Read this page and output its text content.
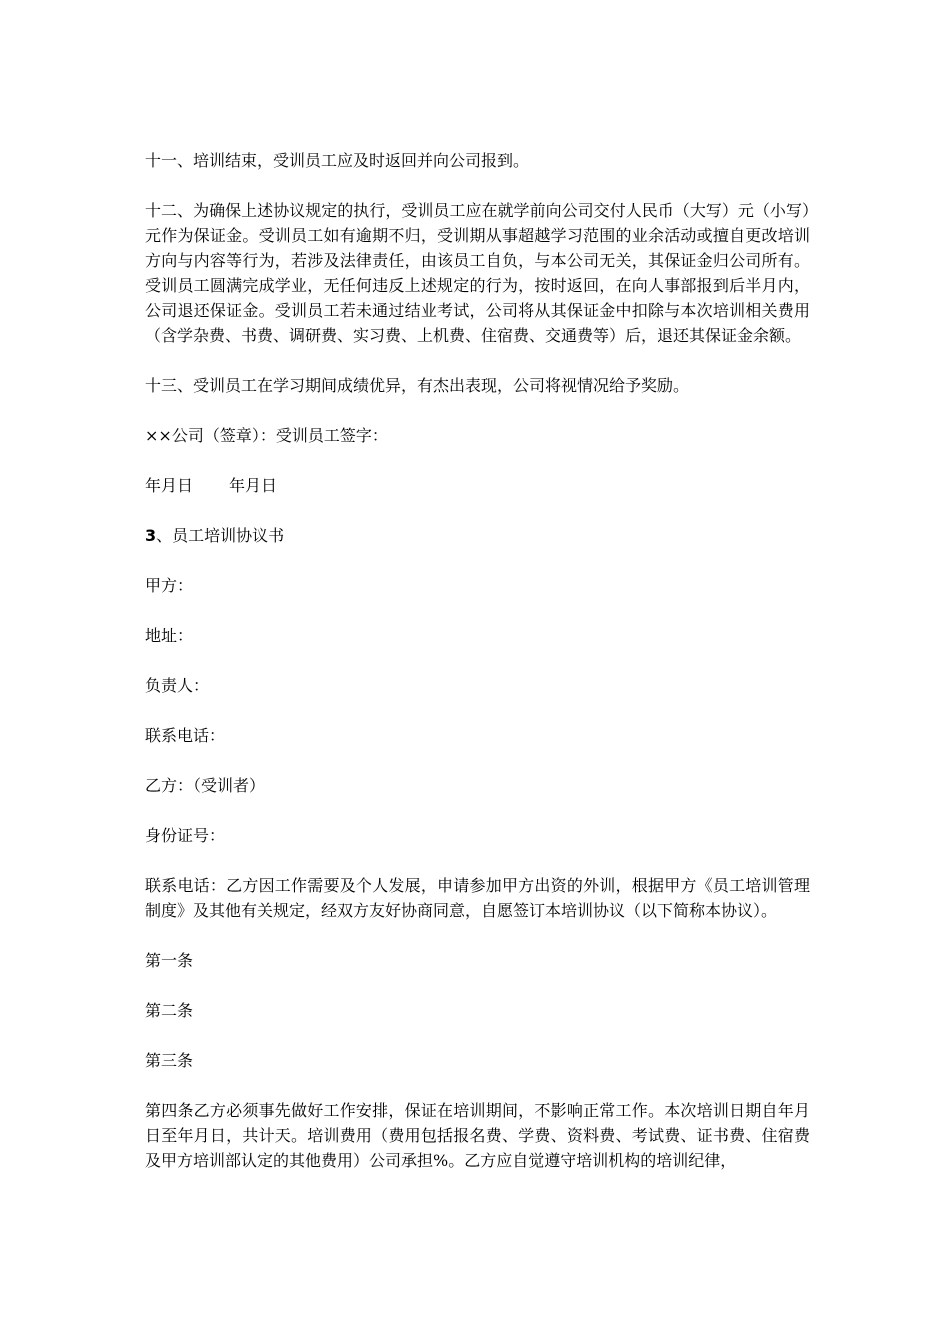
十一、培训结束，受训员工应及时返回并向公司报到。

十二、为确保上述协议规定的执行，受训员工应在就学前向公司交付人民币（大写）元（小写）元作为保证金。受训员工如有逾期不归，受训期从事超越学习范围的业余活动或擅自更改培训方向与内容等行为，若涉及法律责任，由该员工自负，与本公司无关，其保证金归公司所有。受训员工圆满完成学业，无任何违反上述规定的行为，按时返回，在向人事部报到后半月内，公司退还保证金。受训员工若未通过结业考试，公司将从其保证金中扣除与本次培训相关费用（含学杂费、书费、调研费、实习费、上机费、住宿费、交通费等）后，退还其保证金余额。

十三、受训员工在学习期间成绩优异，有杰出表现，公司将视情况给予奖励。

××公司（签章）：受训员工签字：

年月日 年月日

3、员工培训协议书

甲方：

地址：

负责人：

联系电话：

乙方：（受训者）

身份证号：

联系电话：乙方因工作需要及个人发展，申请参加甲方出资的外训，根据甲方《员工培训管理制度》及其他有关规定，经双方友好协商同意，自愿签订本培训协议（以下简称本协议）。

第一条

第二条

第三条

第四条乙方必须事先做好工作安排，保证在培训期间，不影响正常工作。本次培训日期自年月日至年月日，共计天。培训费用（费用包括报名费、学费、资料费、考试费、证书费、住宿费及甲方培训部认定的其他费用）公司承担%。乙方应自觉遵守培训机构的培训纪律，
